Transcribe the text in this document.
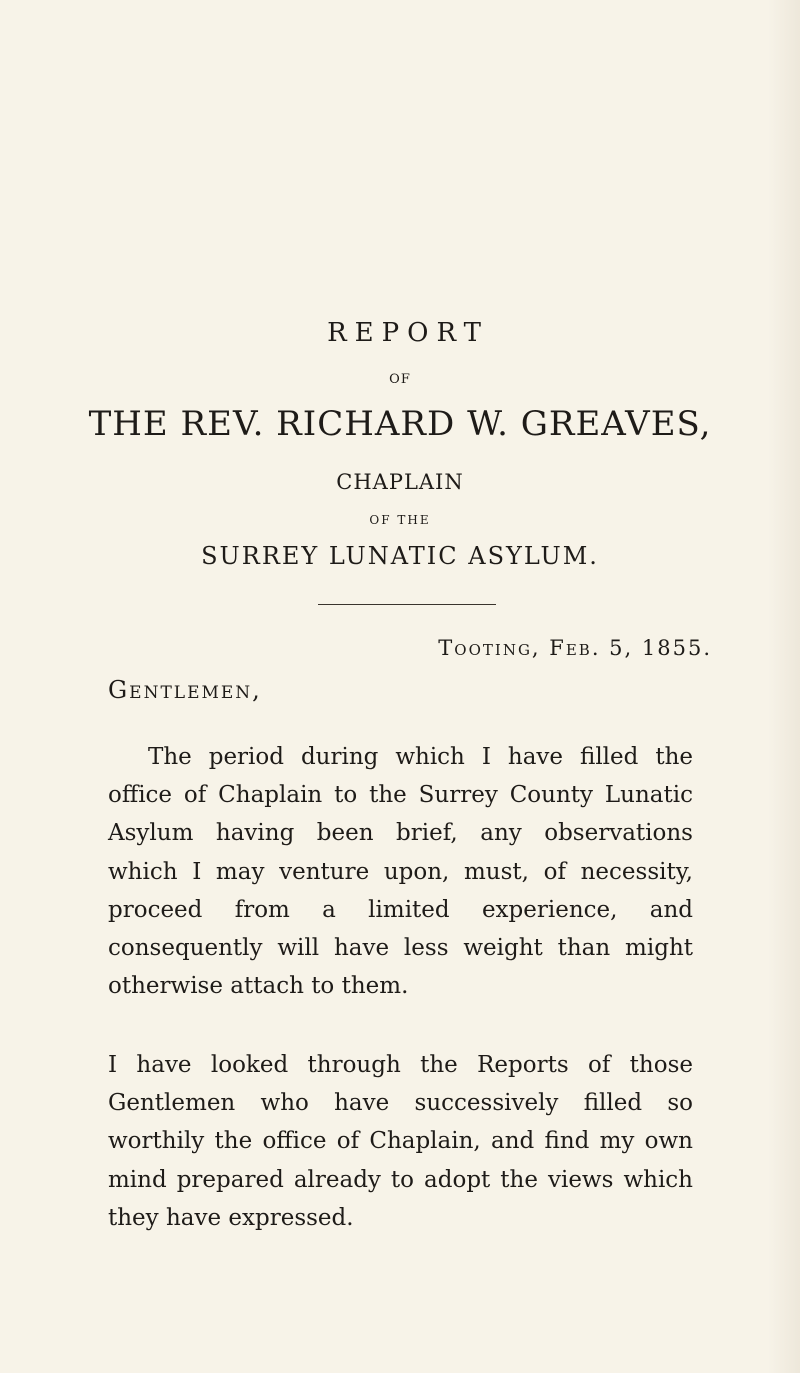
REPORT
OF
THE REV. RICHARD W. GREAVES,
CHAPLAIN
OF THE
SURREY LUNATIC ASYLUM.
Tooting, Feb. 5, 1855.
Gentlemen,

The period during which I have filled the office of Chaplain to the Surrey County Lunatic Asylum having been brief, any observations which I may venture upon, must, of necessity, proceed from a limited experience, and consequently will have less weight than might otherwise attach to them.

I have looked through the Reports of those Gentlemen who have successively filled so worthily the office of Chaplain, and find my own mind prepared already to adopt the views which they have expressed.
